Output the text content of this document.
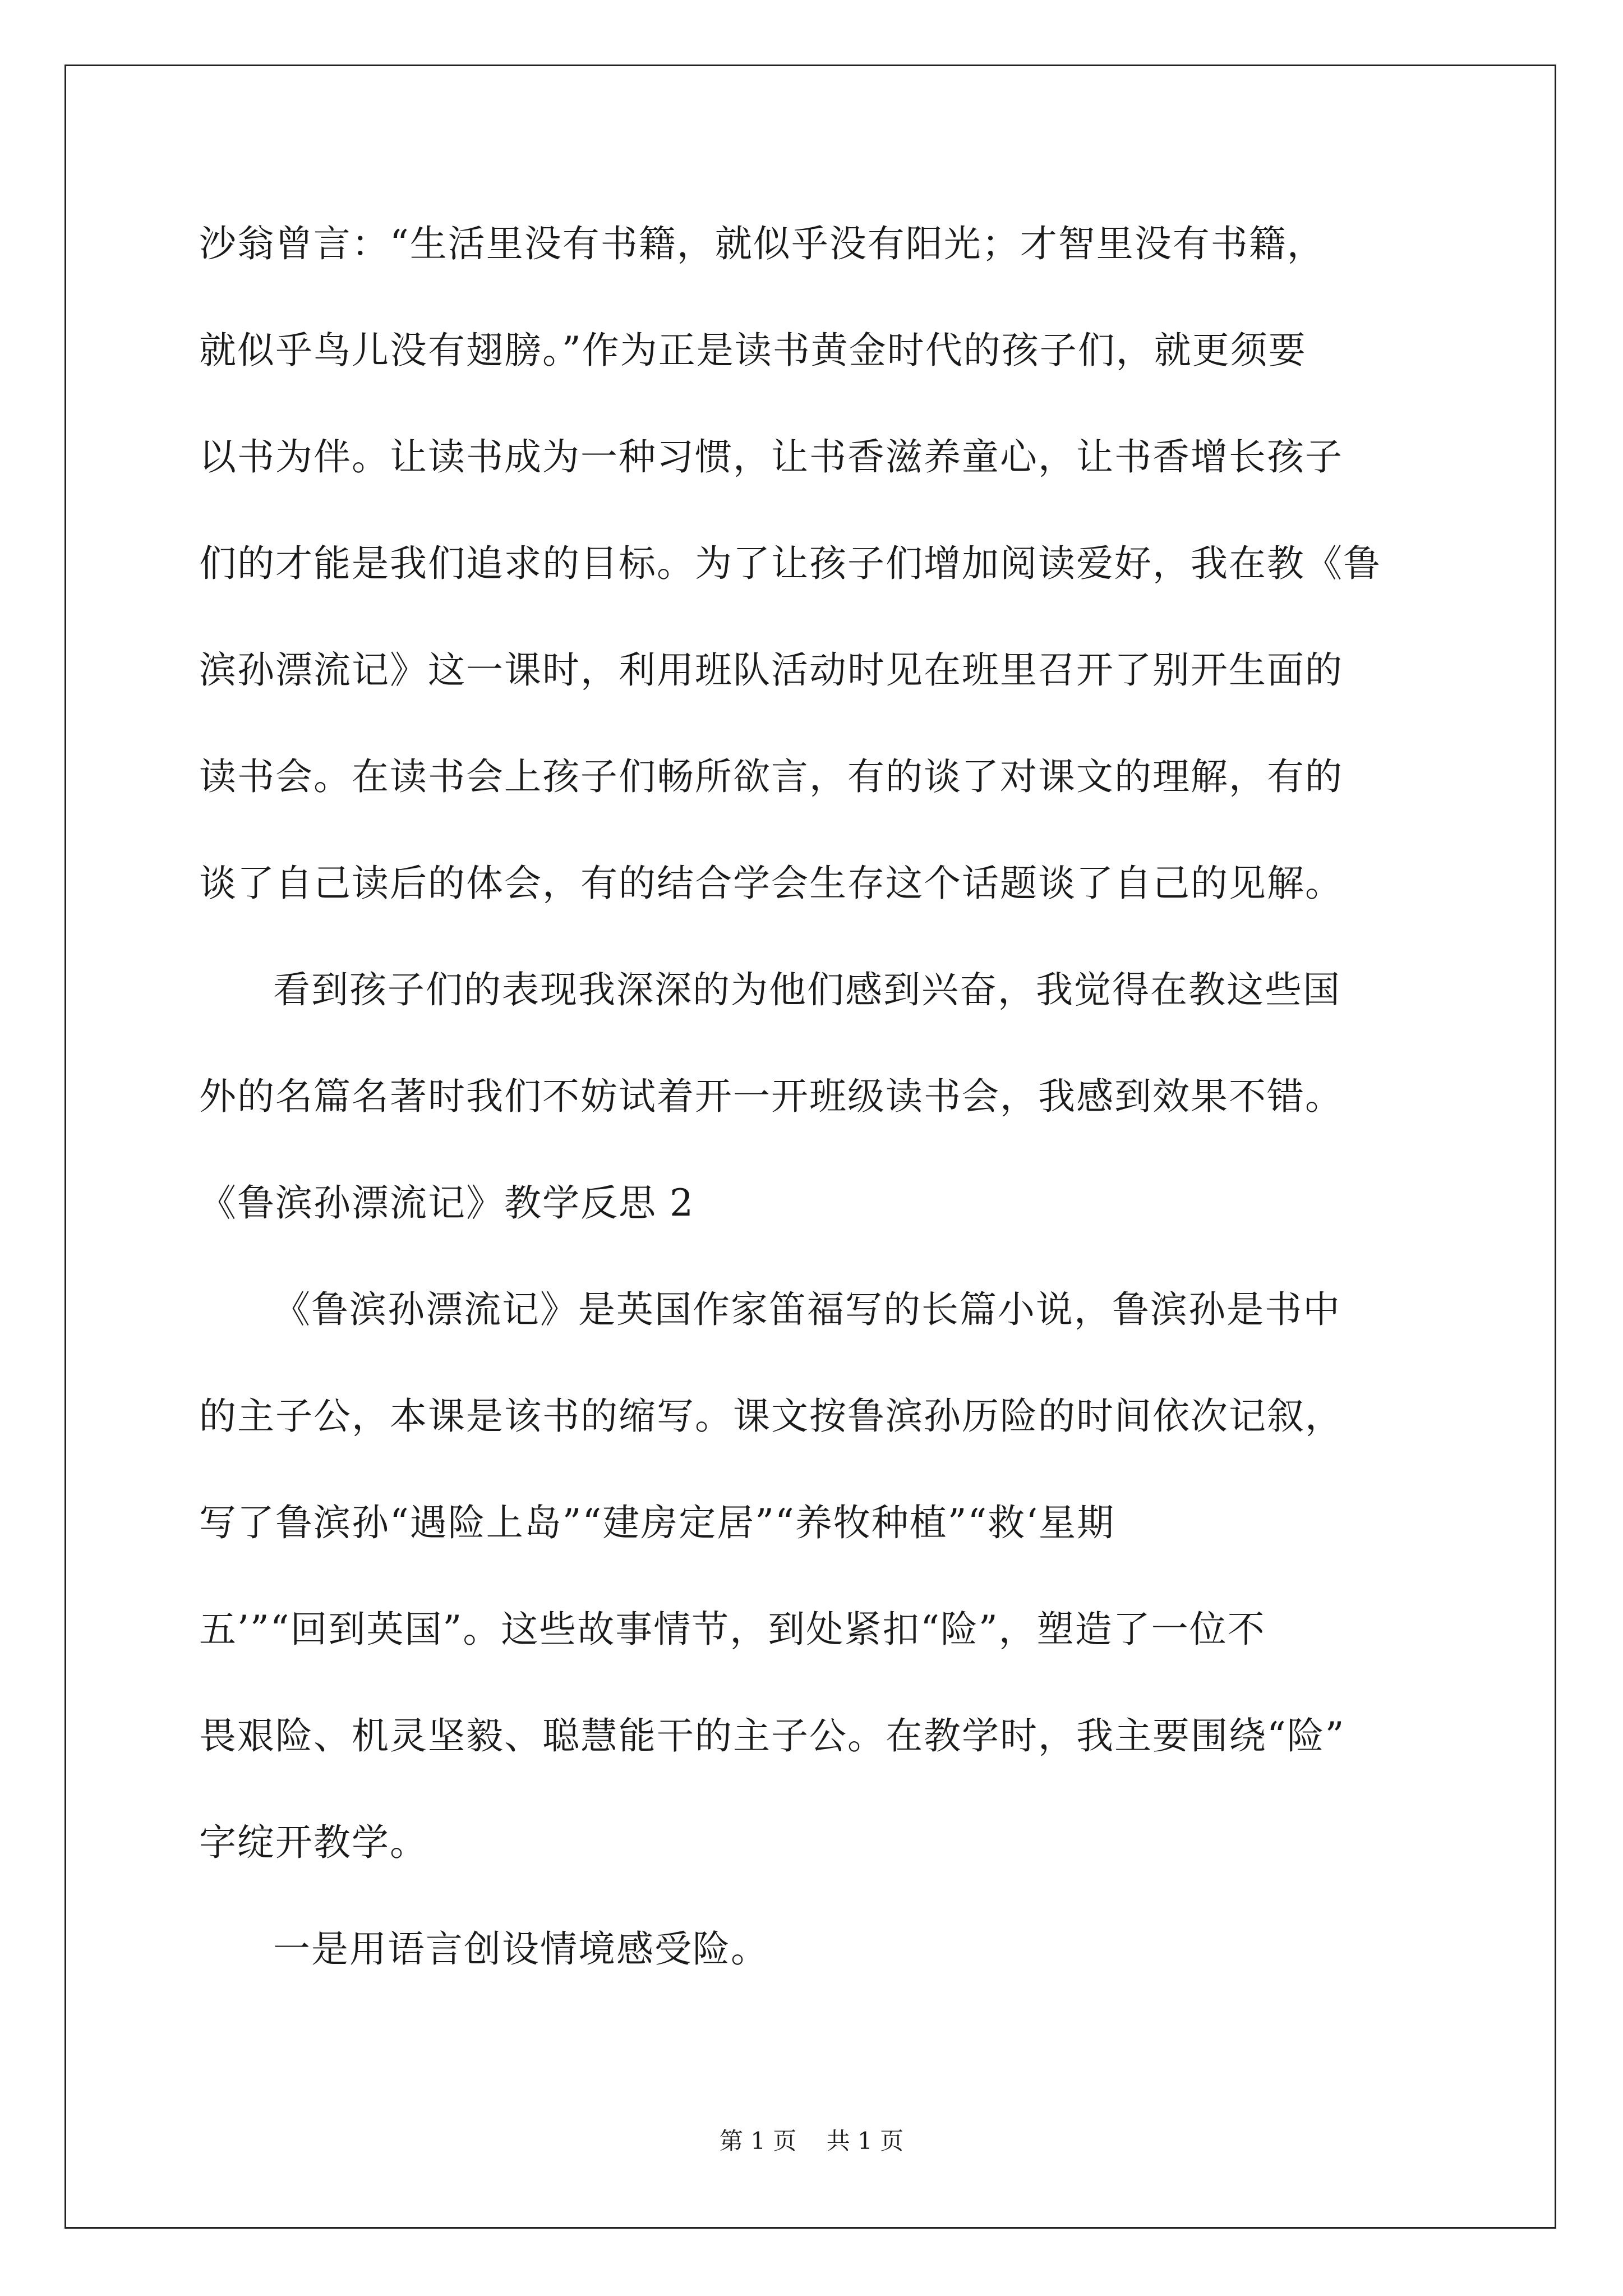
沙翁曾言：“生活里没有书籍，就似乎没有阳光；才智里没有书籍，
就似乎鸟儿没有翅膀。”作为正是读书黄金时代的孩子们，就更须要
以书为伴。让读书成为一种习惯，让书香滋养童心，让书香增长孩子
们的才能是我们追求的目标。为了让孩子们增加阅读爱好，我在教《鲁
滨孙漂流记》这一课时，利用班队活动时见在班里召开了别开生面的
读书会。在读书会上孩子们畅所欲言，有的谈了对课文的理解，有的
谈了自己读后的体会，有的结合学会生存这个话题谈了自己的见解。
看到孩子们的表现我深深的为他们感到兴奋，我觉得在教这些国
外的名篇名著时我们不妨试着开一开班级读书会，我感到效果不错。
《鲁滨孙漂流记》教学反思 2
《鲁滨孙漂流记》是英国作家笛福写的长篇小说，鲁滨孙是书中
的主子公，本课是该书的缩写。课文按鲁滨孙历险的时间依次记叙，
写了鲁滨孙“遇险上岛”“建房定居”“养牧种植”“救‘星期
五’”“回到英国”。这些故事情节，到处紧扣“险”，塑造了一位不
畏艰险、机灵坚毅、聪慧能干的主子公。在教学时，我主要围绕“险”
字绽开教学。
一是用语言创设情境感受险。
第 1 页    共 1 页
